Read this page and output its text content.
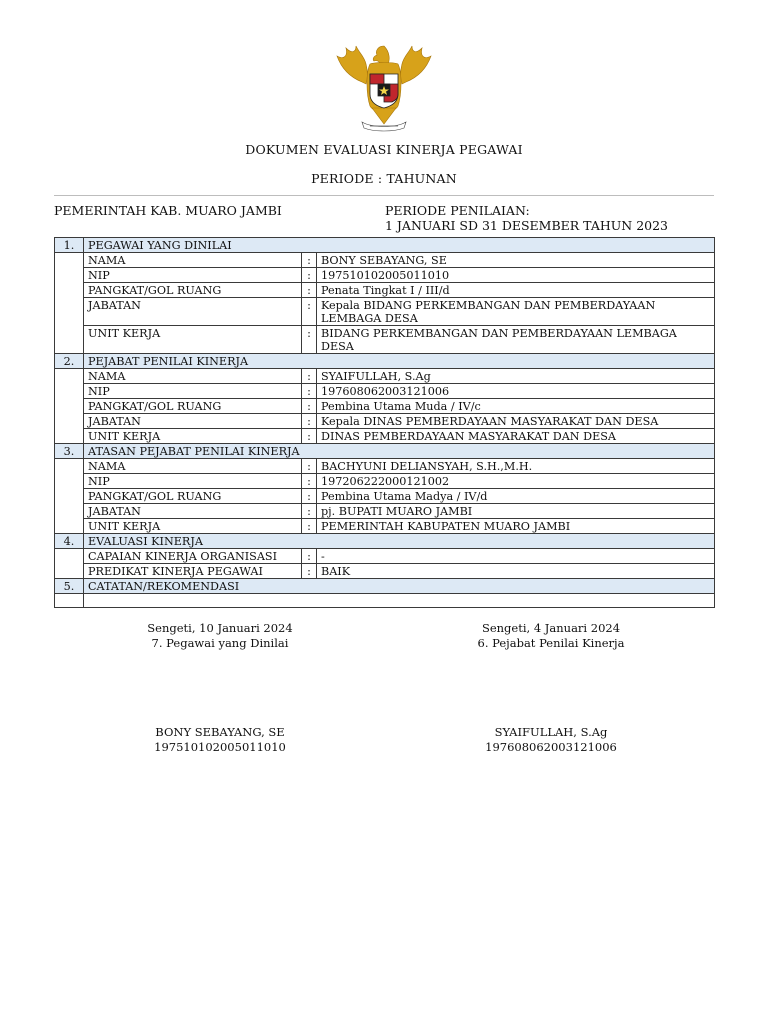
DOKUMEN EVALUASI KINERJA PEGAWAI
PERIODE : TAHUNAN
PEMERINTAH KAB. MUARO JAMBI	PERIODE PENILAIAN:
1 JANUARI SD 31 DESEMBER TAHUN 2023
1.	PEGAWAI YANG DINILAI		
	NAMA	:	BONY SEBAYANG, SE
	NIP	:	197510102005011010
	PANGKAT/GOL RUANG	:	Penata Tingkat I / III/d
	JABATAN	:	Kepala BIDANG PERKEMBANGAN DAN PEMBERDAYAAN LEMBAGA DESA
	UNIT KERJA	:	BIDANG PERKEMBANGAN DAN PEMBERDAYAAN LEMBAGA DESA
2.	PEJABAT PENILAI KINERJA		
	NAMA	:	SYAIFULLAH, S.Ag
	NIP	:	197608062003121006
	PANGKAT/GOL RUANG	:	Pembina Utama Muda / IV/c
	JABATAN	:	Kepala DINAS PEMBERDAYAAN MASYARAKAT DAN DESA
	UNIT KERJA	:	DINAS PEMBERDAYAAN MASYARAKAT DAN DESA
3.	ATASAN PEJABAT PENILAI KINERJA		
	NAMA	:	BACHYUNI DELIANSYAH, S.H.,M.H.
	NIP	:	197206222000121002
	PANGKAT/GOL RUANG	:	Pembina Utama Madya / IV/d
	JABATAN	:	pj. BUPATI MUARO JAMBI
	UNIT KERJA	:	PEMERINTAH KABUPATEN MUARO JAMBI
4.	EVALUASI KINERJA		
	CAPAIAN KINERJA ORGANISASI	:	-
	PREDIKAT KINERJA PEGAWAI	:	BAIK
5.	CATATAN/REKOMENDASI		

Sengeti, 10 Januari 2024
7. Pegawai yang Dinilai
Sengeti, 4 Januari 2024
6. Pejabat Penilai Kinerja
BONY SEBAYANG, SE
197510102005011010
SYAIFULLAH, S.Ag
197608062003121006
